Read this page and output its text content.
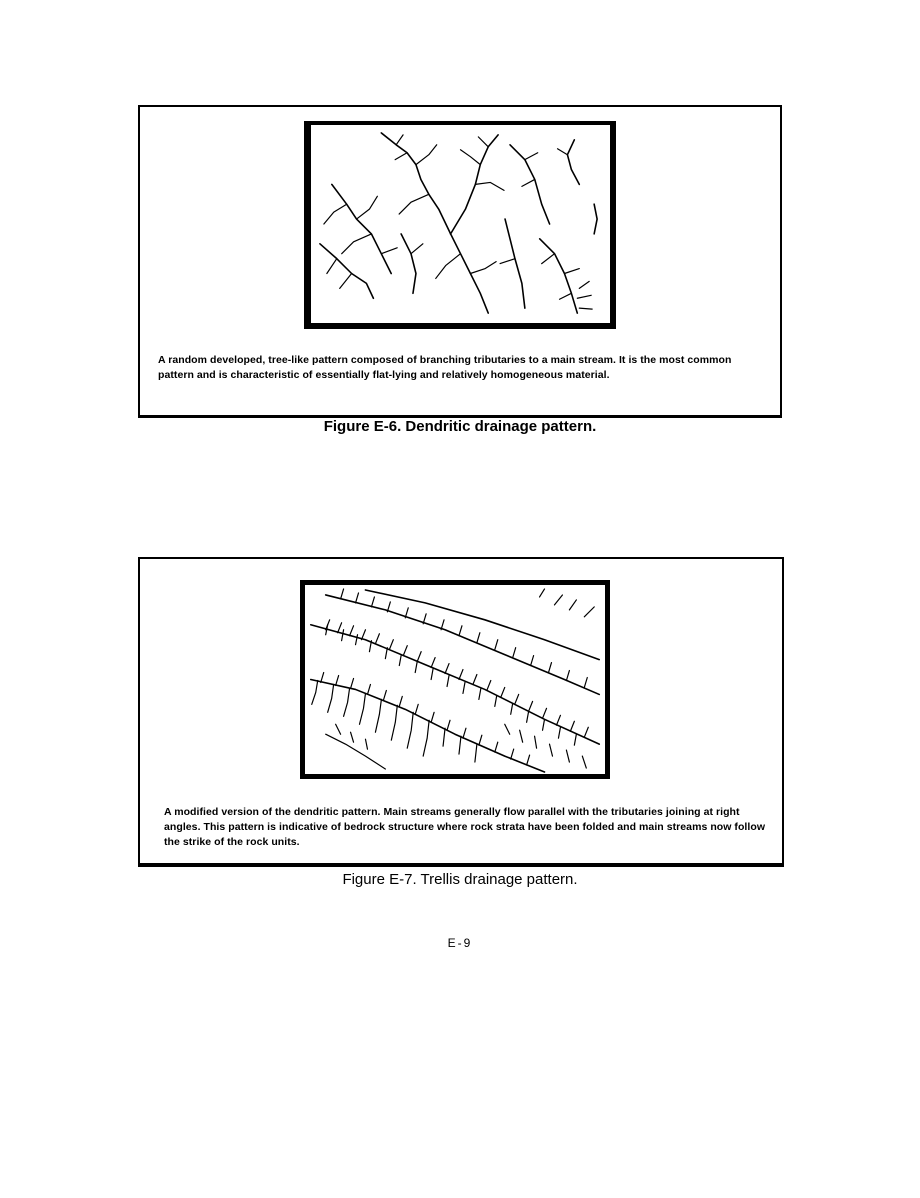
A random developed, tree-like pattern composed of branching tributaries to a main stream. It is the most common pattern and is characteristic of essentially flat-lying and relatively homogeneous material.
Figure E-6. Dendritic drainage pattern.
A modified version of the dendritic pattern. Main streams generally flow parallel with the tributaries joining at right angles. This pattern is indicative of bedrock structure where rock strata have been folded and main streams now follow the strike of the rock units.
Figure E-7. Trellis drainage pattern.
E-9
